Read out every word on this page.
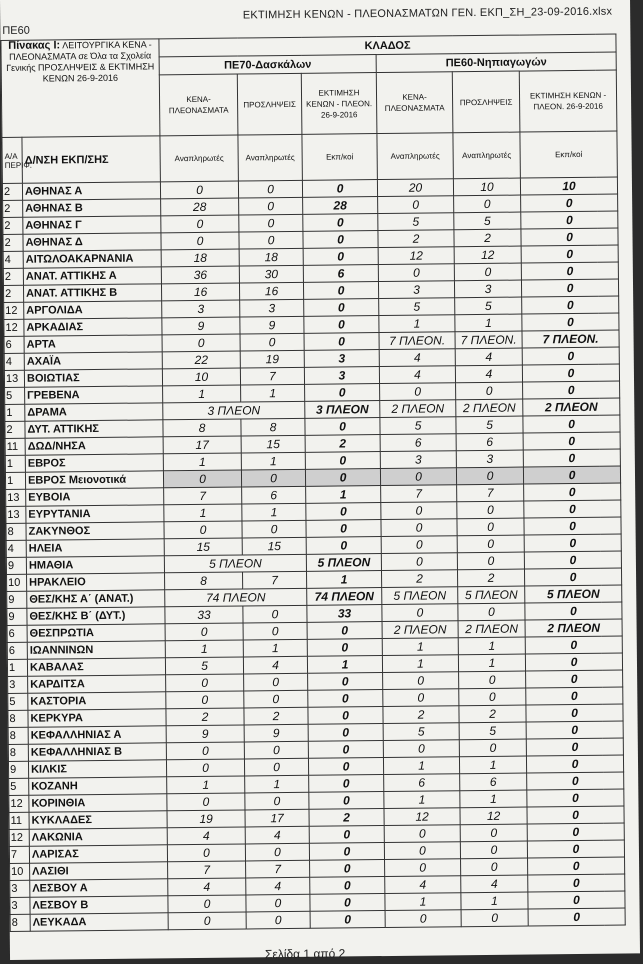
ΠΕ60
ΕΚΤΙΜΗΣΗ ΚΕΝΩΝ - ΠΛΕΟΝΑΣΜΑΤΩΝ ΓΕΝ. ΕΚΠ_ΣΗ_23-09-2016.xlsx
Πίνακας Ι: ΛΕΙΤΟΥΡΓΙΚΑ ΚΕΝΑ - ΠΛΕΟΝΑΣΜΑΤΑ σε Όλα τα Σχολεία Γενικής ΠΡΟΣΛΗΨΕΙΣ & ΕΚΤΙΜΗΣΗ ΚΕΝΩΝ 26-9-2016		ΚΛΑΔΟΣ					
		ΠΕ70-Δασκάλων			ΠΕ60-Νηπιαγωγών		
		ΚΕΝΑ-ΠΛΕΟΝΑΣΜΑΤΑ	ΠΡΟΣΛΗΨΕΙΣ	ΕΚΤΙΜΗΣΗ ΚΕΝΩΝ - ΠΛΕΟΝ. 26-9-2016	ΚΕΝΑ-ΠΛΕΟΝΑΣΜΑΤΑ	ΠΡΟΣΛΗΨΕΙΣ	ΕΚΤΙΜΗΣΗ ΚΕΝΩΝ - ΠΛΕΟΝ. 26-9-2016
Α/Α ΠΕΡΙΦ.	Δ/ΝΣΗ ΕΚΠ/ΣΗΣ	Αναπληρωτές	Αναπληρωτές	Εκπ/κοί	Αναπληρωτές	Αναπληρωτές	Εκπ/κοί
2	ΑΘΗΝΑΣ Α	0	0	0	20	10	10
2	ΑΘΗΝΑΣ Β	28	0	28	0	0	0
2	ΑΘΗΝΑΣ Γ	0	0	0	5	5	0
2	ΑΘΗΝΑΣ Δ	0	0	0	2	2	0
4	ΑΙΤΩΛΟΑΚΑΡΝΑΝΙΑ	18	18	0	12	12	0
2	ΑΝΑΤ. ΑΤΤΙΚΗΣ Α	36	30	6	0	0	0
2	ΑΝΑΤ. ΑΤΤΙΚΗΣ Β	16	16	0	3	3	0
12	ΑΡΓΟΛΙΔΑ	3	3	0	5	5	0
12	ΑΡΚΑΔΙΑΣ	9	9	0	1	1	0
6	ΑΡΤΑ	0	0	0	7 ΠΛΕΟΝ.	7 ΠΛΕΟΝ.	7 ΠΛΕΟΝ.
4	ΑΧΑΪΑ	22	19	3	4	4	0
13	ΒΟΙΩΤΙΑΣ	10	7	3	4	4	0
5	ΓΡΕΒΕΝΑ	1	1	0	0	0	0
1	ΔΡΑΜΑ	3 ΠΛΕΟΝ		3 ΠΛΕΟΝ	2 ΠΛΕΟΝ	2 ΠΛΕΟΝ	2 ΠΛΕΟΝ
2	ΔΥΤ. ΑΤΤΙΚΗΣ	8	8	0	5	5	0
11	ΔΩΔ/ΝΗΣΑ	17	15	2	6	6	0
1	ΕΒΡΟΣ	1	1	0	3	3	0
1	ΕΒΡΟΣ Μειονοτικά	0	0	0	0	0	0
13	ΕΥΒΟΙΑ	7	6	1	7	7	0
13	ΕΥΡΥΤΑΝΙΑ	1	1	0	0	0	0
8	ΖΑΚΥΝΘΟΣ	0	0	0	0	0	0
4	ΗΛΕΙΑ	15	15	0	0	0	0
9	ΗΜΑΘΙΑ	5 ΠΛΕΟΝ		5 ΠΛΕΟΝ	0	0	0
10	ΗΡΑΚΛΕΙΟ	8	7	1	2	2	0
9	ΘΕΣ/ΚΗΣ Α΄ (ΑΝΑΤ.)	74 ΠΛΕΟΝ		74 ΠΛΕΟΝ	5 ΠΛΕΟΝ	5 ΠΛΕΟΝ	5 ΠΛΕΟΝ
9	ΘΕΣ/ΚΗΣ Β΄ (ΔΥΤ.)	33	0	33	0	0	0
6	ΘΕΣΠΡΩΤΙΑ	0	0	0	2 ΠΛΕΟΝ	2 ΠΛΕΟΝ	2 ΠΛΕΟΝ
6	ΙΩΑΝΝΙΝΩΝ	1	1	0	1	1	0
1	ΚΑΒΑΛΑΣ	5	4	1	1	1	0
3	ΚΑΡΔΙΤΣΑ	0	0	0	0	0	0
5	ΚΑΣΤΟΡΙΑ	0	0	0	0	0	0
8	ΚΕΡΚΥΡΑ	2	2	0	2	2	0
8	ΚΕΦΑΛΛΗΝΙΑΣ Α	9	9	0	5	5	0
8	ΚΕΦΑΛΛΗΝΙΑΣ Β	0	0	0	0	0	0
9	ΚΙΛΚΙΣ	0	0	0	1	1	0
5	ΚΟΖΑΝΗ	1	1	0	6	6	0
12	ΚΟΡΙΝΘΙΑ	0	0	0	1	1	0
11	ΚΥΚΛΑΔΕΣ	19	17	2	12	12	0
12	ΛΑΚΩΝΙΑ	4	4	0	0	0	0
7	ΛΑΡΙΣΑΣ	0	0	0	0	0	0
10	ΛΑΣΙΘΙ	7	7	0	0	0	0
3	ΛΕΣΒΟΥ Α	4	4	0	4	4	0
3	ΛΕΣΒΟΥ Β	0	0	0	1	1	0
8	ΛΕΥΚΑΔΑ	0	0	0	0	0	0
Σελίδα 1 από 2
